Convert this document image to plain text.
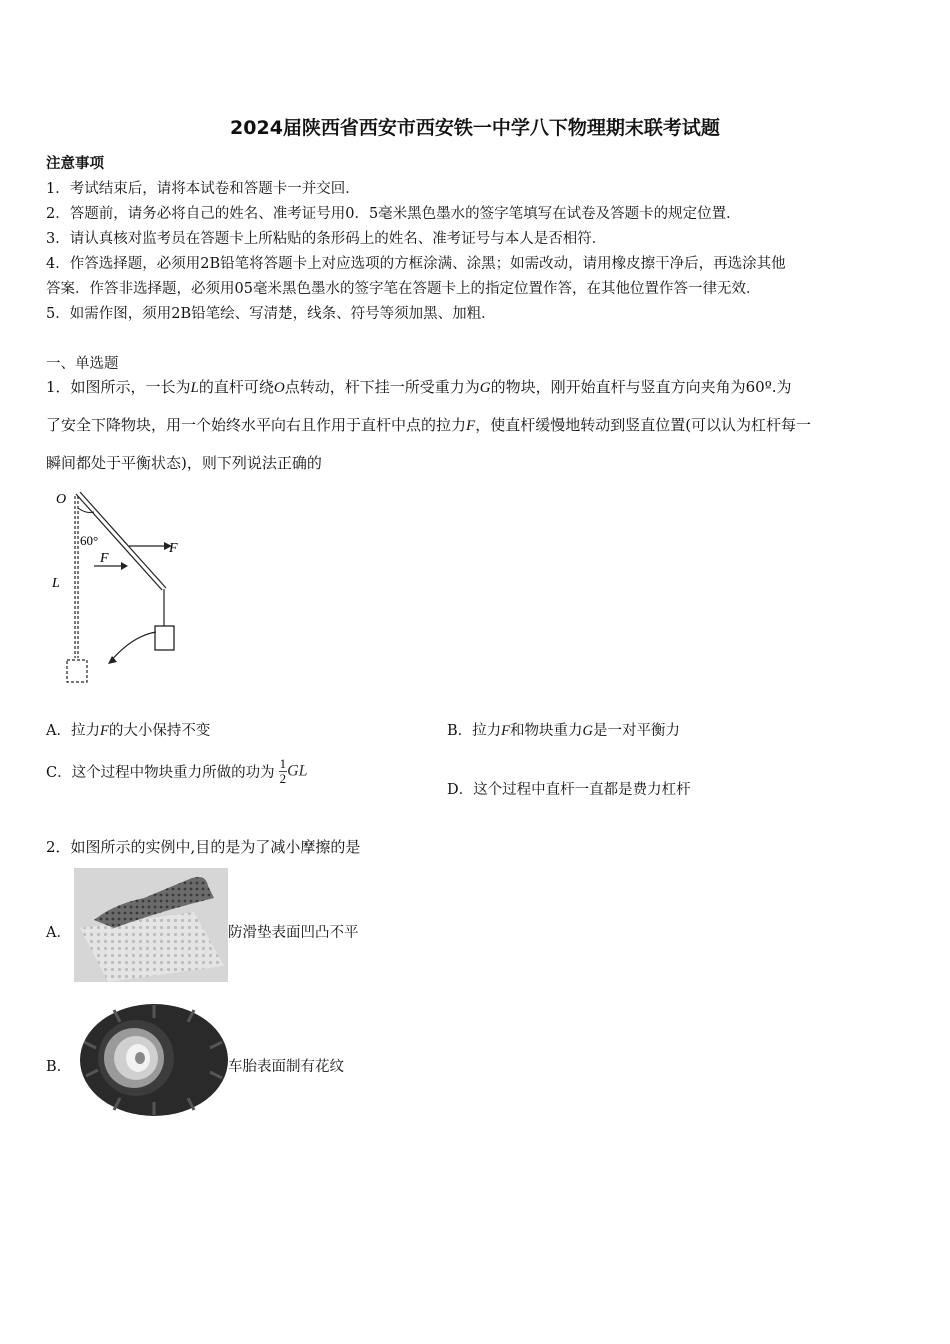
2024届陕西省西安市西安铁一中学八下物理期末联考试题
注意事项
1．考试结束后，请将本试卷和答题卡一并交回．
2．答题前，请务必将自己的姓名、准考证号用0．5毫米黑色墨水的签字笔填写在试卷及答题卡的规定位置．
3．请认真核对监考员在答题卡上所粘贴的条形码上的姓名、准考证号与本人是否相符．
4．作答选择题，必须用2B铅笔将答题卡上对应选项的方框涂满、涂黑；如需改动，请用橡皮擦干净后，再选涂其他
答案．作答非选择题，必须用05毫米黑色墨水的签字笔在答题卡上的指定位置作答，在其他位置作答一律无效．
5．如需作图，须用2B铅笔绘、写清楚，线条、符号等须加黑、加粗．
一、单选题
1．如图所示，一长为L的直杆可绕O点转动，杆下挂一所受重力为G的物块，刚开始直杆与竖直方向夹角为60º.为
了安全下降物块，用一个始终水平向右且作用于直杆中点的拉力F，使直杆缓慢地转动到竖直位置(可以认为杠杆每一
瞬间都处于平衡状态)，则下列说法正确的
O
60°
F
F
L
A．拉力F的大小保持不变	B．拉力F和物块重力G是一对平衡力
C．这个过程中物块重力所做的功为 $\frac{1}{2}$ GL
D．这个过程中直杆一直都是费力杠杆
2．如图所示的实例中,目的是为了减小摩擦的是
A．	防滑垫表面凹凸不平
B．	车胎表面制有花纹
